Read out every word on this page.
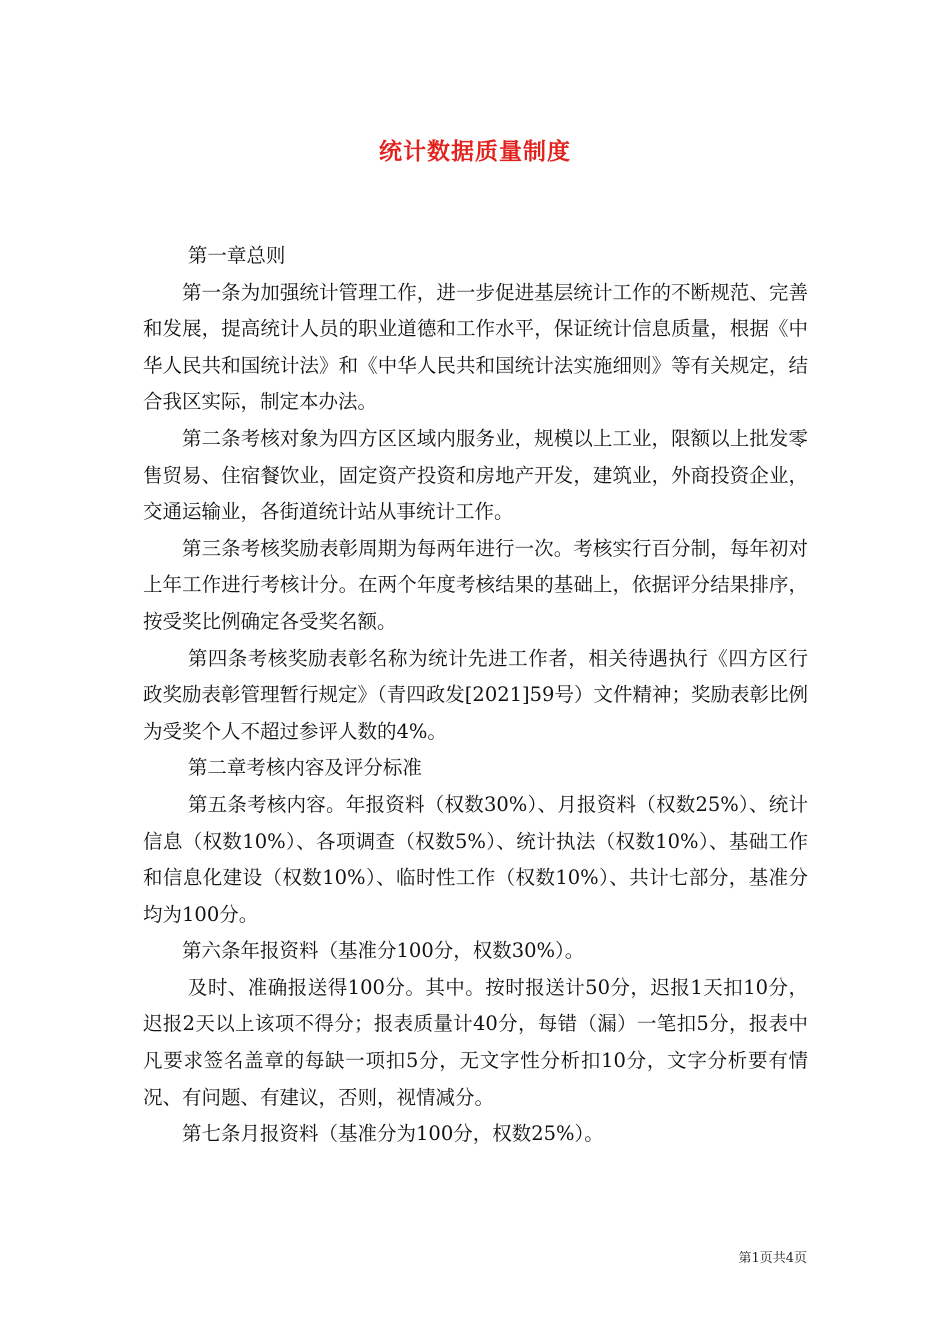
统计数据质量制度

第一章总则

第一条为加强统计管理工作，进一步促进基层统计工作的不断规范、完善和发展，提高统计人员的职业道德和工作水平，保证统计信息质量，根据《中华人民共和国统计法》和《中华人民共和国统计法实施细则》等有关规定，结合我区实际，制定本办法。

第二条考核对象为四方区区域内服务业，规模以上工业，限额以上批发零售贸易、住宿餐饮业，固定资产投资和房地产开发，建筑业，外商投资企业，交通运输业，各街道统计站从事统计工作。

第三条考核奖励表彰周期为每两年进行一次。考核实行百分制，每年初对上年工作进行考核计分。在两个年度考核结果的基础上，依据评分结果排序，按受奖比例确定各受奖名额。

第四条考核奖励表彰名称为统计先进工作者，相关待遇执行《四方区行政奖励表彰管理暂行规定》（青四政发[2021]59号）文件精神；奖励表彰比例为受奖个人不超过参评人数的4%。

第二章考核内容及评分标准

第五条考核内容。年报资料（权数30%）、月报资料（权数25%）、统计信息（权数10%）、各项调查（权数5%）、统计执法（权数10%）、基础工作和信息化建设（权数10%）、临时性工作（权数10%）、共计七部分，基准分均为100分。

第六条年报资料（基准分100分，权数30%）。

及时、准确报送得100分。其中。按时报送计50分，迟报1天扣10分，迟报2天以上该项不得分；报表质量计40分，每错（漏）一笔扣5分，报表中凡要求签名盖章的每缺一项扣5分，无文字性分析扣10分，文字分析要有情况、有问题、有建议，否则，视情减分。

第七条月报资料（基准分为100分，权数25%）。

第1页共4页
